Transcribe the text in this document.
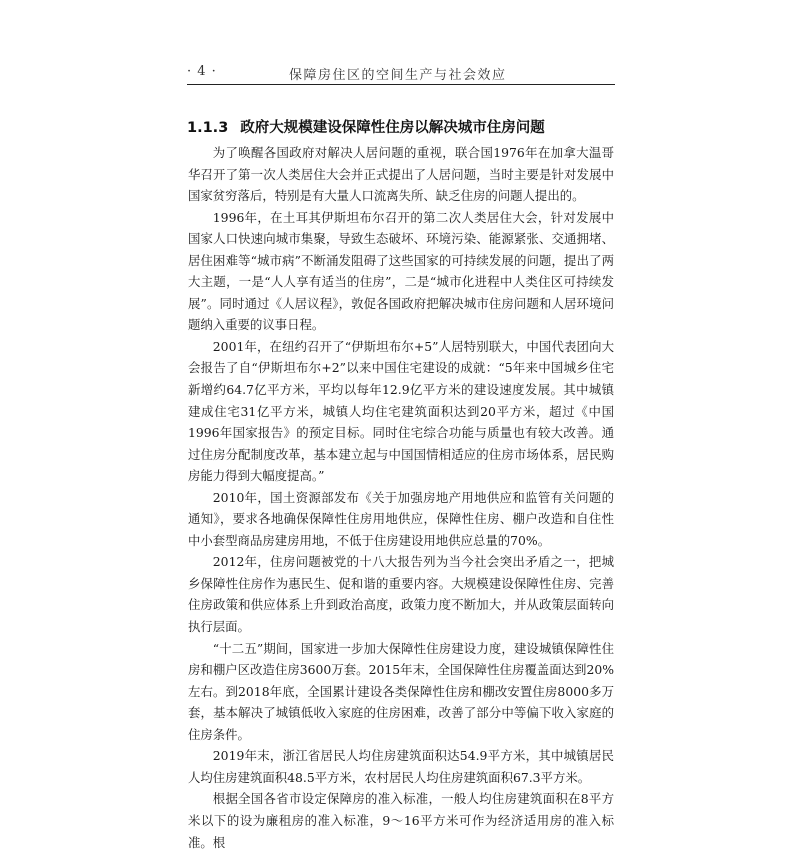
· 4 ·	保障房住区的空间生产与社会效应
1.1.3 政府大规模建设保障性住房以解决城市住房问题

为了唤醒各国政府对解决人居问题的重视，联合国1976年在加拿大温哥华召开了第一次人类居住大会并正式提出了人居问题，当时主要是针对发展中国家贫穷落后，特别是有大量人口流离失所、缺乏住房的问题人提出的。

1996年，在土耳其伊斯坦布尔召开的第二次人类居住大会，针对发展中国家人口快速向城市集聚，导致生态破坏、环境污染、能源紧张、交通拥堵、居住困难等“城市病”不断涌发阻碍了这些国家的可持续发展的问题，提出了两大主题，一是“人人享有适当的住房”，二是“城市化进程中人类住区可持续发展”。同时通过《人居议程》，敦促各国政府把解决城市住房问题和人居环境问题纳入重要的议事日程。

2001年，在纽约召开了“伊斯坦布尔+5”人居特别联大，中国代表团向大会报告了自“伊斯坦布尔+2”以来中国住宅建设的成就：“5年来中国城乡住宅新增约64.7亿平方米，平均以每年12.9亿平方米的建设速度发展。其中城镇建成住宅31亿平方米，城镇人均住宅建筑面积达到20平方米，超过《中国1996年国家报告》的预定目标。同时住宅综合功能与质量也有较大改善。通过住房分配制度改革，基本建立起与中国国情相适应的住房市场体系，居民购房能力得到大幅度提高。”

2010年，国土资源部发布《关于加强房地产用地供应和监管有关问题的通知》，要求各地确保保障性住房用地供应，保障性住房、棚户改造和自住性中小套型商品房建房用地，不低于住房建设用地供应总量的70%。

2012年，住房问题被党的十八大报告列为当今社会突出矛盾之一，把城乡保障性住房作为惠民生、促和谐的重要内容。大规模建设保障性住房、完善住房政策和供应体系上升到政治高度，政策力度不断加大，并从政策层面转向执行层面。

“十二五”期间，国家进一步加大保障性住房建设力度，建设城镇保障性住房和棚户区改造住房3600万套。2015年末，全国保障性住房覆盖面达到20%左右。到2018年底，全国累计建设各类保障性住房和棚改安置住房8000多万套，基本解决了城镇低收入家庭的住房困难，改善了部分中等偏下收入家庭的住房条件。

2019年末，浙江省居民人均住房建筑面积达54.9平方米，其中城镇居民人均住房建筑面积48.5平方米，农村居民人均住房建筑面积67.3平方米。

根据全国各省市设定保障房的准入标准，一般人均住房建筑面积在8平方米以下的设为廉租房的准入标准，9～16平方米可作为经济适用房的准入标准。根
